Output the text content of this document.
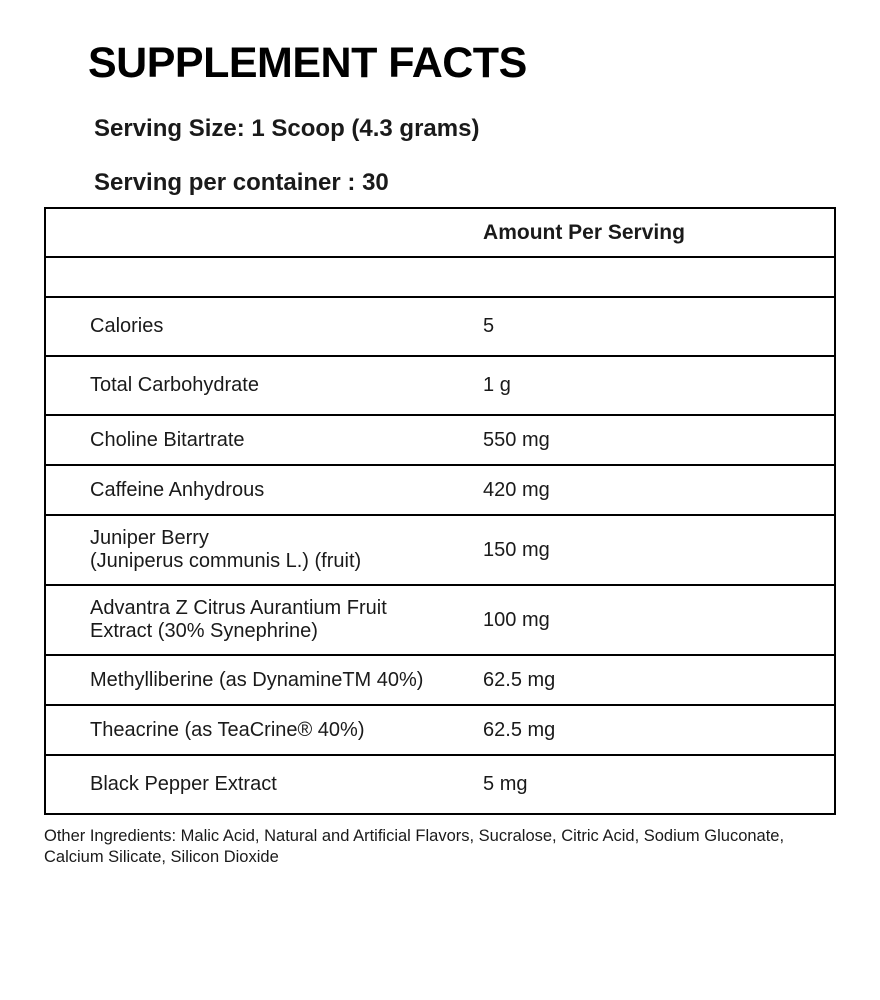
SUPPLEMENT FACTS
Serving Size: 1 Scoop (4.3 grams)
Serving per container : 30
	Amount Per Serving

Calories	5
Total Carbohydrate	1 g
Choline Bitartrate	550 mg
Caffeine Anhydrous	420 mg

Juniper Berry
(Juniperus communis L.) (fruit)	150 mg

Advantra Z Citrus Aurantium Fruit
Extract (30% Synephrine)	100 mg
Methylliberine (as DynamineTM 40%)	62.5 mg
Theacrine (as TeaCrine® 40%)	62.5 mg
Black Pepper Extract	5 mg
Other Ingredients: Malic Acid, Natural and Artificial Flavors, Sucralose, Citric Acid, Sodium Gluconate, Calcium Silicate, Silicon Dioxide
